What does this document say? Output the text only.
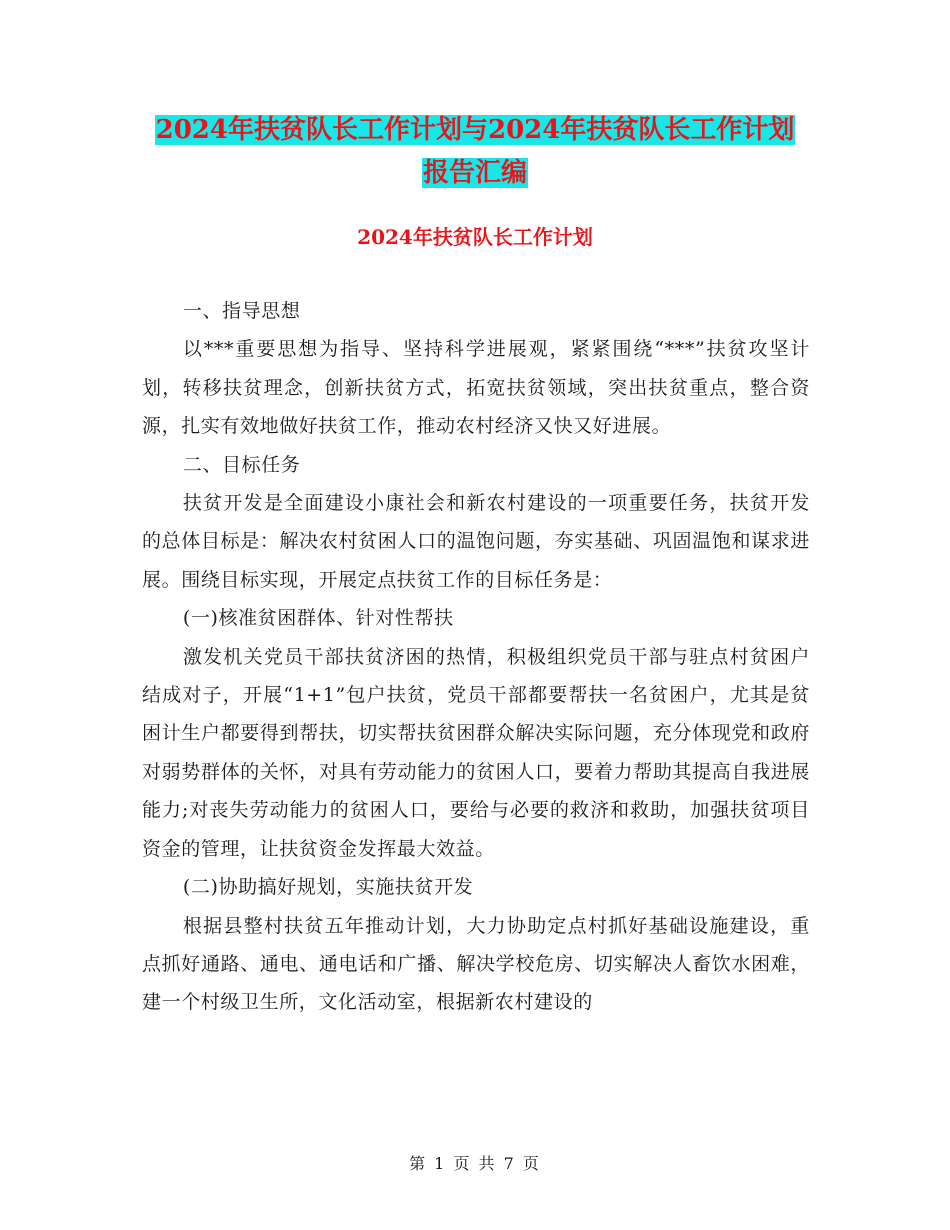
2024年扶贫队长工作计划与2024年扶贫队长工作计划
报告汇编
2024年扶贫队长工作计划

一、指导思想

以***重要思想为指导、坚持科学进展观，紧紧围绕“***”扶贫攻坚计划，转移扶贫理念，创新扶贫方式，拓宽扶贫领域，突出扶贫重点，整合资源，扎实有效地做好扶贫工作，推动农村经济又快又好进展。

二、目标任务

扶贫开发是全面建设小康社会和新农村建设的一项重要任务，扶贫开发的总体目标是：解决农村贫困人口的温饱问题，夯实基础、巩固温饱和谋求进展。围绕目标实现，开展定点扶贫工作的目标任务是：

(一)核准贫困群体、针对性帮扶

激发机关党员干部扶贫济困的热情，积极组织党员干部与驻点村贫困户结成对子，开展“1+1”包户扶贫，党员干部都要帮扶一名贫困户，尤其是贫困计生户都要得到帮扶，切实帮扶贫困群众解决实际问题，充分体现党和政府对弱势群体的关怀，对具有劳动能力的贫困人口，要着力帮助其提高自我进展能力;对丧失劳动能力的贫困人口，要给与必要的救济和救助，加强扶贫项目资金的管理，让扶贫资金发挥最大效益。

(二)协助搞好规划，实施扶贫开发

根据县整村扶贫五年推动计划，大力协助定点村抓好基础设施建设，重点抓好通路、通电、通电话和广播、解决学校危房、切实解决人畜饮水困难，建一个村级卫生所，文化活动室，根据新农村建设的

第 1 页 共 7 页
